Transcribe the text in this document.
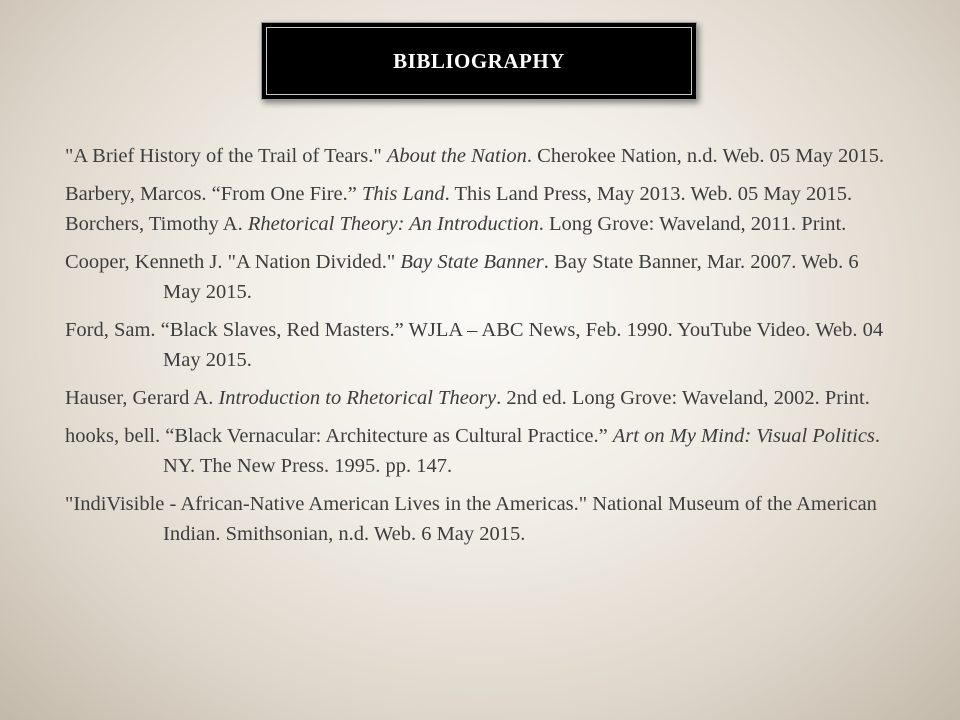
BIBLIOGRAPHY

"A Brief History of the Trail of Tears." About the Nation. Cherokee Nation, n.d. Web. 05 May 2015.

Barbery, Marcos. “From One Fire.” This Land. This Land Press, May 2013. Web. 05 May 2015.

Borchers, Timothy A. Rhetorical Theory: An Introduction. Long Grove: Waveland, 2011. Print.

Cooper, Kenneth J. "A Nation Divided." Bay State Banner. Bay State Banner, Mar. 2007. Web. 6 May 2015.

Ford, Sam. “Black Slaves, Red Masters.” WJLA – ABC News, Feb. 1990. YouTube Video. Web. 04 May 2015.

Hauser, Gerard A. Introduction to Rhetorical Theory. 2nd ed. Long Grove: Waveland, 2002. Print.

hooks, bell. “Black Vernacular: Architecture as Cultural Practice.” Art on My Mind: Visual Politics. NY. The New Press. 1995. pp. 147.

"IndiVisible - African-Native American Lives in the Americas." National Museum of the American Indian. Smithsonian, n.d. Web. 6 May 2015.
